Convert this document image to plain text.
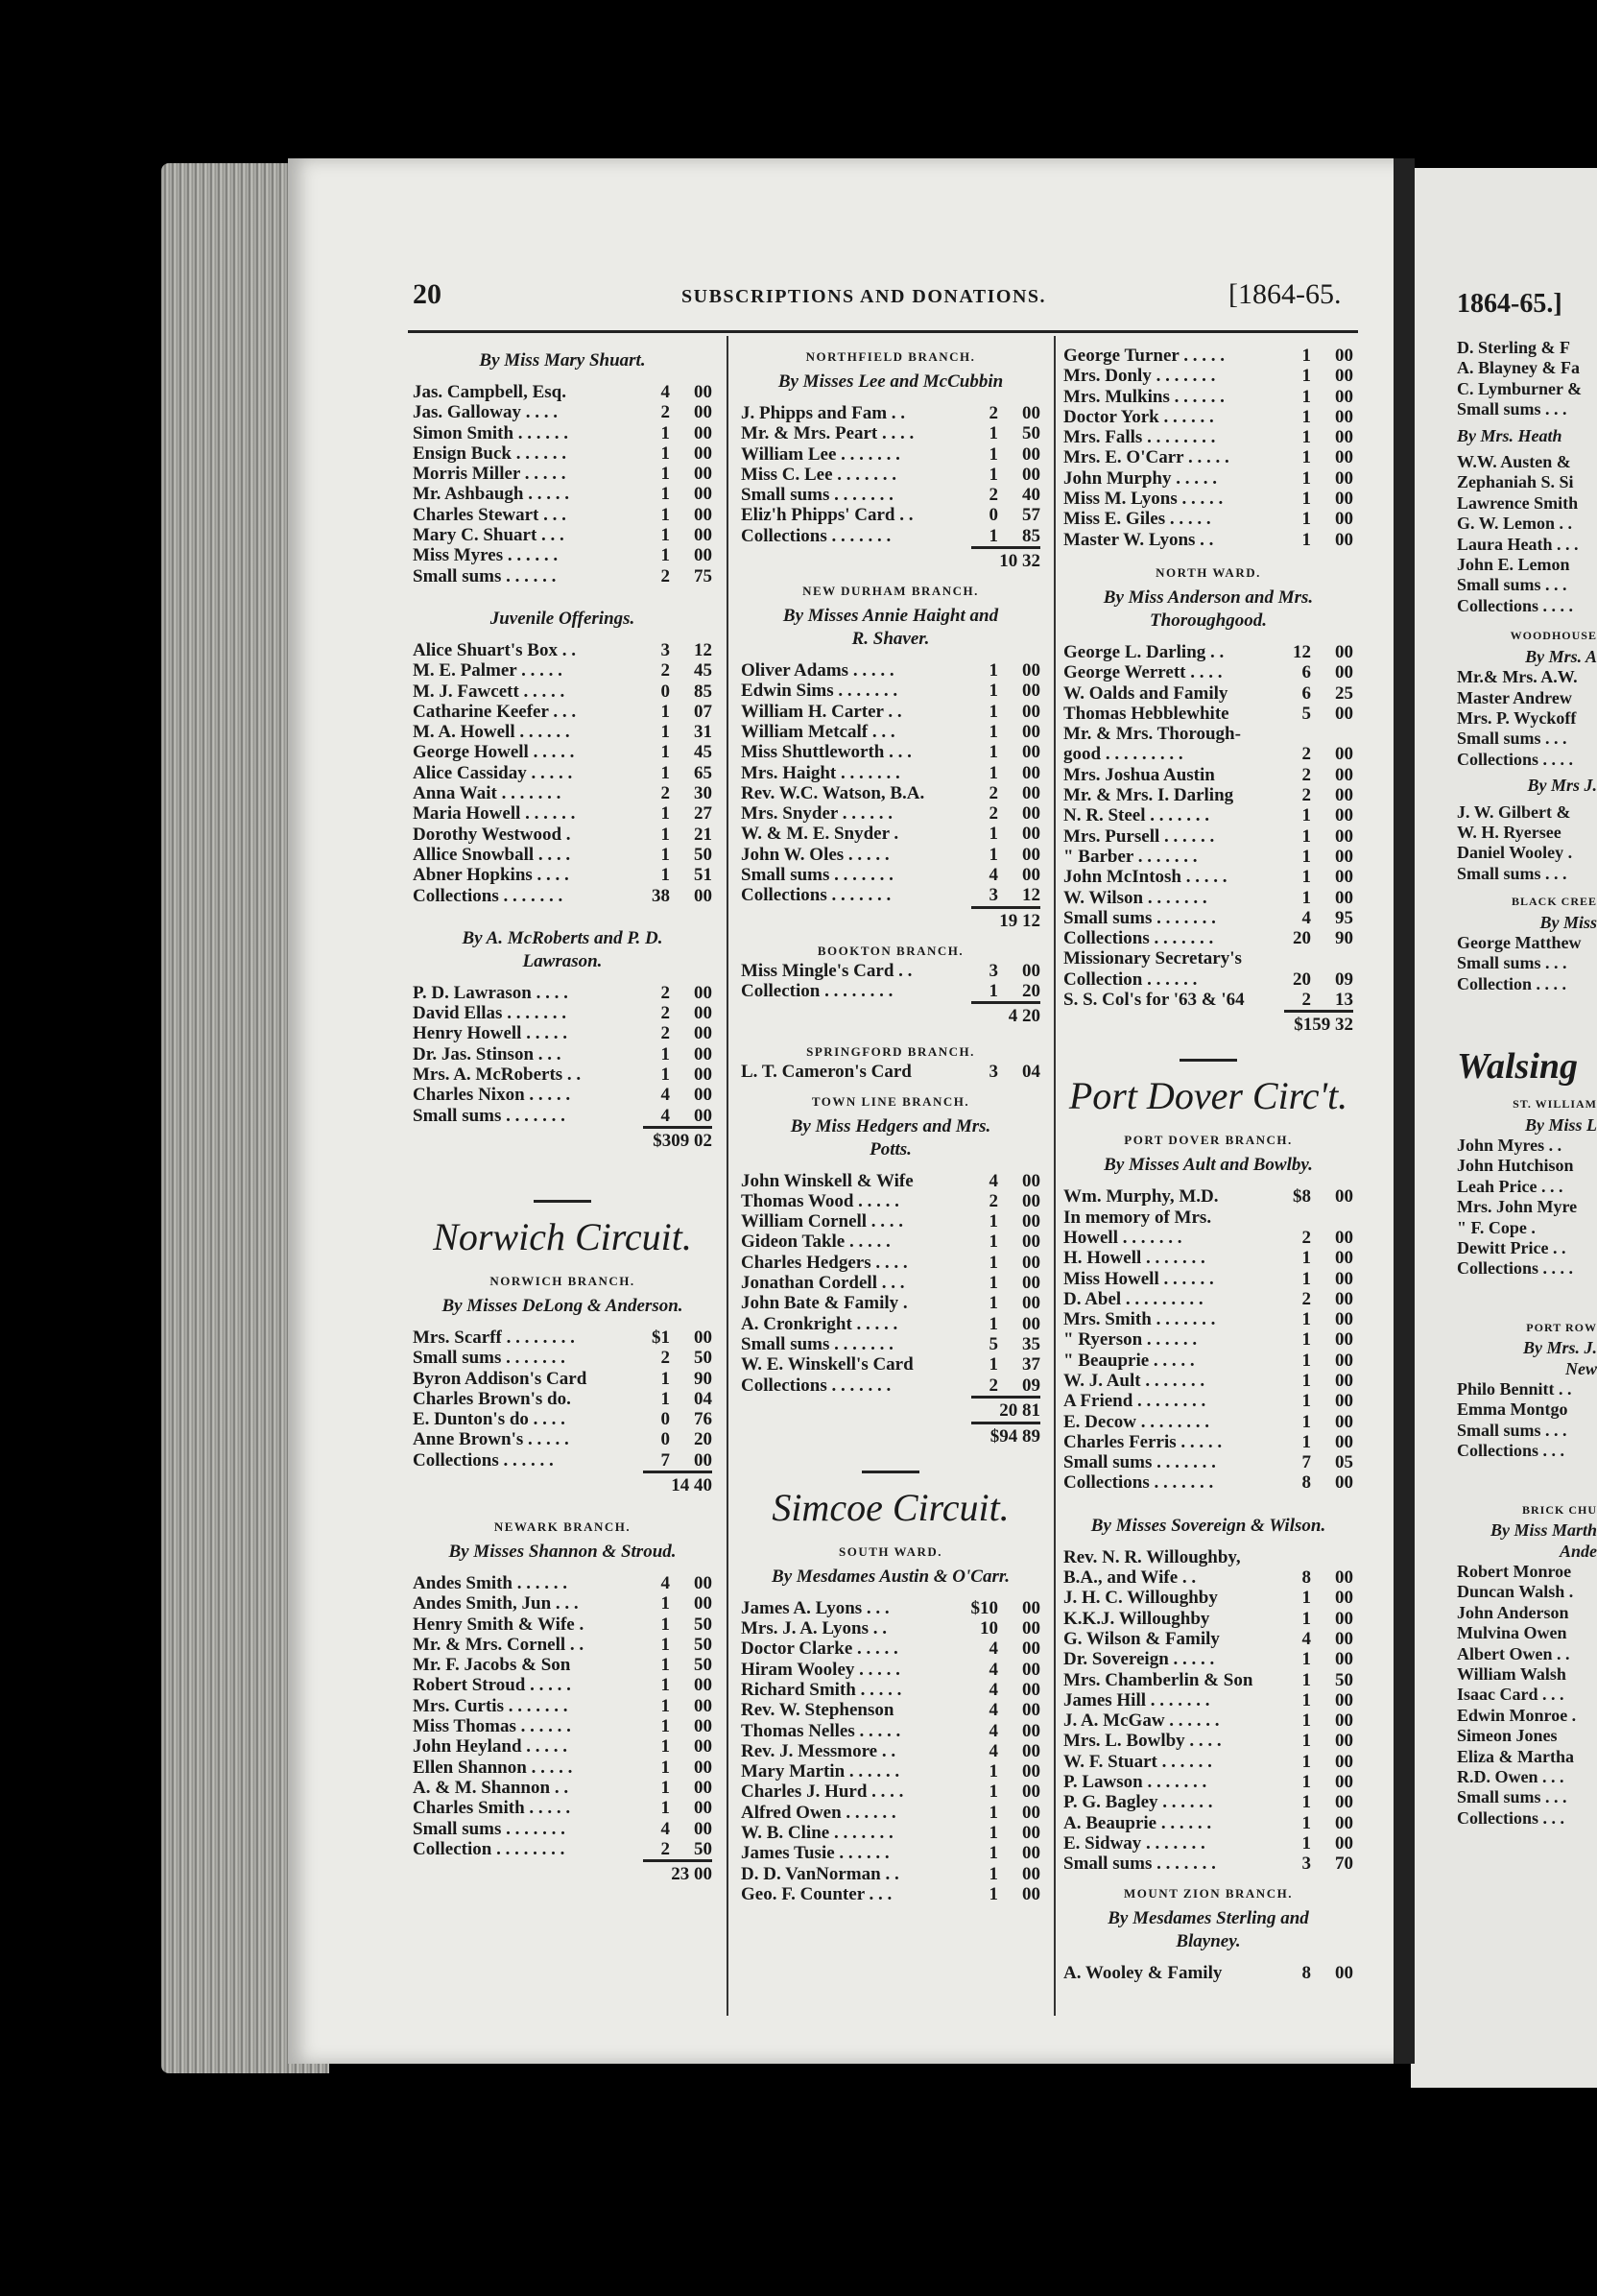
20	SUBSCRIPTIONS AND DONATIONS.	[1864-65.
By Miss Mary Shuart.
Jas. Campbell, Esq.	4	00
Jas. Galloway . . . .	2	00
Simon Smith . . . . . .	1	00
Ensign Buck . . . . . .	1	00
Morris Miller . . . . .	1	00
Mr. Ashbaugh . . . . .	1	00
Charles Stewart . . .	1	00
Mary C. Shuart . . .	1	00
Miss Myres . . . . . .	1	00
Small sums . . . . . .	2	75
Juvenile Offerings.
Alice Shuart's Box . .	3	12
M. E. Palmer . . . . .	2	45
M. J. Fawcett . . . . .	0	85
Catharine Keefer . . .	1	07
M. A. Howell . . . . . .	1	31
George Howell . . . . .	1	45
Alice Cassiday . . . . .	1	65
Anna Wait . . . . . . .	2	30
Maria Howell . . . . . .	1	27
Dorothy Westwood .	1	21
Allice Snowball . . . .	1	50
Abner Hopkins . . . .	1	51
Collections . . . . . . .	38	00
By A. McRoberts and P. D.
Lawrason.
P. D. Lawrason . . . .	2	00
David Ellas . . . . . . .	2	00
Henry Howell . . . . .	2	00
Dr. Jas. Stinson . . .	1	00
Mrs. A. McRoberts . .	1	00
Charles Nixon . . . . .	4	00
Small sums . . . . . . .	4	00
$309 02
Norwich Circuit.
NORWICH BRANCH.
By Misses DeLong & Anderson.
Mrs. Scarff . . . . . . . .	$1	00
Small sums . . . . . . .	2	50
Byron Addison's Card	1	90
Charles Brown's do.	1	04
E. Dunton's do . . . .	0	76
Anne Brown's . . . . .	0	20
Collections . . . . . .	7	00
14 40
NEWARK BRANCH.
By Misses Shannon & Stroud.
Andes Smith . . . . . .	4	00
Andes Smith, Jun . . .	1	00
Henry Smith & Wife .	1	50
Mr. & Mrs. Cornell . .	1	50
Mr. F. Jacobs & Son	1	50
Robert Stroud . . . . .	1	00
Mrs. Curtis . . . . . . .	1	00
Miss Thomas . . . . . .	1	00
John Heyland . . . . .	1	00
Ellen Shannon . . . . .	1	00
A. & M. Shannon . .	1	00
Charles Smith . . . . .	1	00
Small sums . . . . . . .	4	00
Collection . . . . . . . .	2	50
23 00
NORTHFIELD BRANCH.
By Misses Lee and McCubbin
J. Phipps and Fam . .	2	00
Mr. & Mrs. Peart . . . .	1	50
William Lee . . . . . . .	1	00
Miss C. Lee . . . . . . .	1	00
Small sums . . . . . . .	2	40
Eliz'h Phipps' Card . .	0	57
Collections . . . . . . .	1	85
10 32
NEW DURHAM BRANCH.
By Misses Annie Haight and
R. Shaver.
Oliver Adams . . . . .	1	00
Edwin Sims . . . . . . .	1	00
William H. Carter . .	1	00
William Metcalf . . .	1	00
Miss Shuttleworth . . .	1	00
Mrs. Haight . . . . . . .	1	00
Rev. W.C. Watson, B.A.	2	00
Mrs. Snyder . . . . . .	2	00
W. & M. E. Snyder .	1	00
John W. Oles . . . . .	1	00
Small sums . . . . . . .	4	00
Collections . . . . . . .	3	12
19 12
BOOKTON BRANCH.
Miss Mingle's Card . .	3	00
Collection . . . . . . . .	1	20
4 20
SPRINGFORD BRANCH.
L. T. Cameron's Card	3	04
TOWN LINE BRANCH.
By Miss Hedgers and Mrs.
Potts.
John Winskell & Wife	4	00
Thomas Wood . . . . .	2	00
William Cornell . . . .	1	00
Gideon Takle . . . . .	1	00
Charles Hedgers . . . .	1	00
Jonathan Cordell . . .	1	00
John Bate & Family .	1	00
A. Cronkright . . . . .	1	00
Small sums . . . . . . .	5	35
W. E. Winskell's Card	1	37
Collections . . . . . . .	2	09
20 81
$94 89
Simcoe Circuit.
SOUTH WARD.
By Mesdames Austin & O'Carr.
James A. Lyons . . .	$10	00
Mrs. J. A. Lyons . .	10	00
Doctor Clarke . . . . .	4	00
Hiram Wooley . . . . .	4	00
Richard Smith . . . . .	4	00
Rev. W. Stephenson	4	00
Thomas Nelles . . . . .	4	00
Rev. J. Messmore . .	4	00
Mary Martin . . . . . .	1	00
Charles J. Hurd . . . .	1	00
Alfred Owen . . . . . .	1	00
W. B. Cline . . . . . . .	1	00
James Tusie . . . . . .	1	00
D. D. VanNorman . .	1	00
Geo. F. Counter . . .	1	00
George Turner . . . . .	1	00
Mrs. Donly . . . . . . .	1	00
Mrs. Mulkins . . . . . .	1	00
Doctor York . . . . . .	1	00
Mrs. Falls . . . . . . . .	1	00
Mrs. E. O'Carr . . . . .	1	00
John Murphy . . . . .	1	00
Miss M. Lyons . . . . .	1	00
Miss E. Giles . . . . .	1	00
Master W. Lyons . .	1	00
NORTH WARD.
By Miss Anderson and Mrs.
Thoroughgood.
George L. Darling . .	12	00
George Werrett . . . .	6	00
W. Oalds and Family	6	25
Thomas Hebblewhite	5	00
Mr. & Mrs. Thorough-
good . . . . . . . . .	2	00
Mrs. Joshua Austin	2	00
Mr. & Mrs. I. Darling	2	00
N. R. Steel . . . . . . .	1	00
Mrs. Pursell . . . . . .	1	00
" Barber . . . . . . .	1	00
John McIntosh . . . . .	1	00
W. Wilson . . . . . . .	1	00
Small sums . . . . . . .	4	95
Collections . . . . . . .	20	90
Missionary Secretary's
Collection . . . . . .	20	09
S. S. Col's for '63 & '64	2	13
$159 32
Port Dover Circ't.
PORT DOVER BRANCH.
By Misses Ault and Bowlby.
Wm. Murphy, M.D.	$8	00
In memory of Mrs.
Howell . . . . . . .	2	00
H. Howell . . . . . . .	1	00
Miss Howell . . . . . .	1	00
D. Abel . . . . . . . . .	2	00
Mrs. Smith . . . . . . .	1	00
" Ryerson . . . . . .	1	00
" Beauprie . . . . .	1	00
W. J. Ault . . . . . . .	1	00
A Friend . . . . . . . .	1	00
E. Decow . . . . . . . .	1	00
Charles Ferris . . . . .	1	00
Small sums . . . . . . .	7	05
Collections . . . . . . .	8	00
By Misses Sovereign & Wilson.
Rev. N. R. Willoughby,
B.A., and Wife . .	8	00
J. H. C. Willoughby	1	00
K.K.J. Willoughby	1	00
G. Wilson & Family	4	00
Dr. Sovereign . . . . .	1	00
Mrs. Chamberlin & Son	1	50
James Hill . . . . . . .	1	00
J. A. McGaw . . . . . .	1	00
Mrs. L. Bowlby . . . .	1	00
W. F. Stuart . . . . . .	1	00
P. Lawson . . . . . . .	1	00
P. G. Bagley . . . . . .	1	00
A. Beauprie . . . . . .	1	00
E. Sidway . . . . . . .	1	00
Small sums . . . . . . .	3	70
MOUNT ZION BRANCH.
By Mesdames Sterling and
Blayney.
A. Wooley & Family	8	00
1864-65.]
D. Sterling & F
A. Blayney & Fa
C. Lymburner &
Small sums . . .
By Mrs. Heath
W.W. Austen &
Zephaniah S. Si
Lawrence Smith
G. W. Lemon . .
Laura Heath . . .
John E. Lemon
Small sums . . .
Collections . . . .
WOODHOUSE
By Mrs. A
Mr.& Mrs. A.W.
Master Andrew
Mrs. P. Wyckoff
Small sums . . .
Collections . . . .
By Mrs J.
J. W. Gilbert &
W. H. Ryersee
Daniel Wooley .
Small sums . . .
BLACK CREE
By Miss
George Matthew
Small sums . . .
Collection . . . .
Walsing
ST. WILLIAM
By Miss L
John Myres . .
John Hutchison
Leah Price . . .
Mrs. John Myre
" F. Cope .
Dewitt Price . .
Collections . . . .
PORT ROW
By Mrs. J.
New
Philo Bennitt . .
Emma Montgo
Small sums . . .
Collections . . .
BRICK CHU
By Miss Marth
Ande
Robert Monroe
Duncan Walsh .
John Anderson
Mulvina Owen
Albert Owen . .
William Walsh
Isaac Card . . .
Edwin Monroe .
Simeon Jones
Eliza & Martha
R.D. Owen . . .
Small sums . . .
Collections . . .
